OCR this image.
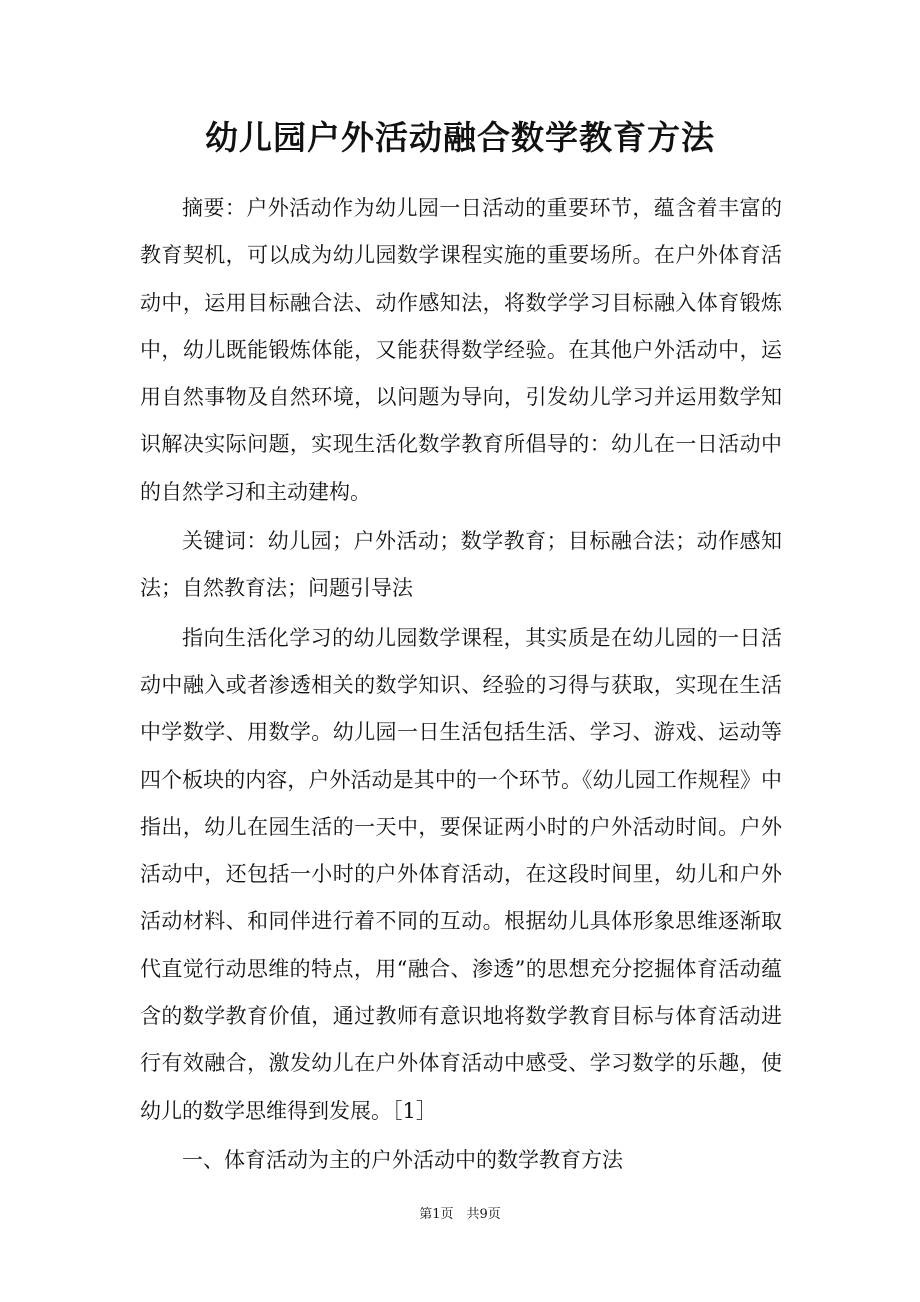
幼儿园户外活动融合数学教育方法

摘要：户外活动作为幼儿园一日活动的重要环节，蕴含着丰富的教育契机，可以成为幼儿园数学课程实施的重要场所。在户外体育活动中，运用目标融合法、动作感知法，将数学学习目标融入体育锻炼中，幼儿既能锻炼体能，又能获得数学经验。在其他户外活动中，运用自然事物及自然环境，以问题为导向，引发幼儿学习并运用数学知识解决实际问题，实现生活化数学教育所倡导的：幼儿在一日活动中的自然学习和主动建构。

关键词：幼儿园；户外活动；数学教育；目标融合法；动作感知法；自然教育法；问题引导法

指向生活化学习的幼儿园数学课程，其实质是在幼儿园的一日活动中融入或者渗透相关的数学知识、经验的习得与获取，实现在生活中学数学、用数学。幼儿园一日生活包括生活、学习、游戏、运动等四个板块的内容，户外活动是其中的一个环节。《幼儿园工作规程》中指出，幼儿在园生活的一天中，要保证两小时的户外活动时间。户外活动中，还包括一小时的户外体育活动，在这段时间里，幼儿和户外活动材料、和同伴进行着不同的互动。根据幼儿具体形象思维逐渐取代直觉行动思维的特点，用“融合、渗透”的思想充分挖掘体育活动蕴含的数学教育价值，通过教师有意识地将数学教育目标与体育活动进行有效融合，激发幼儿在户外体育活动中感受、学习数学的乐趣，使幼儿的数学思维得到发展。［1］

一、体育活动为主的户外活动中的数学教育方法

第1页　共9页
